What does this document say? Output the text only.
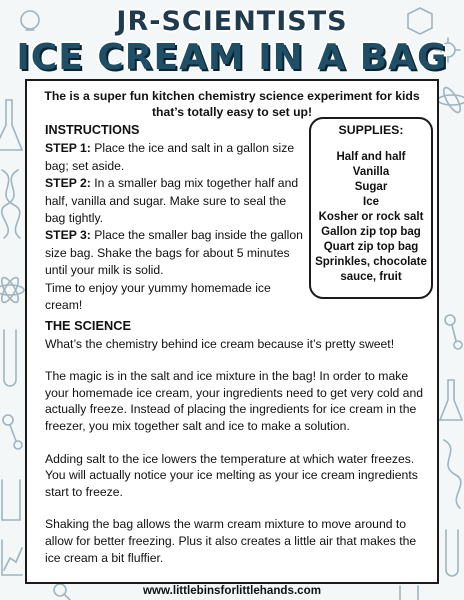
JR-SCIENTISTS
ICE CREAM IN A BAG
The is a super fun kitchen chemistry science experiment for kids
that’s totally easy to set up!
INSTRUCTIONS
STEP 1: Place the ice and salt in a gallon size bag; set aside.
STEP 2: In a smaller bag mix together half and half, vanilla and sugar. Make sure to seal the bag tightly.
STEP 3: Place the smaller bag inside the gallon size bag. Shake the bags for about 5 minutes until your milk is solid.
Time to enjoy your yummy homemade ice cream!
SUPPLIES:
Half and half
Vanilla
Sugar
Ice
Kosher or rock salt
Gallon zip top bag
Quart zip top bag
Sprinkles, chocolate sauce, fruit
THE SCIENCE

What’s the chemistry behind ice cream because it’s pretty sweet!

The magic is in the salt and ice mixture in the bag! In order to make your homemade ice cream, your ingredients need to get very cold and actually freeze. Instead of placing the ingredients for ice cream in the freezer, you mix together salt and ice to make a solution.

Adding salt to the ice lowers the temperature at which water freezes. You will actually notice your ice melting as your ice cream ingredients start to freeze.

Shaking the bag allows the warm cream mixture to move around to allow for better freezing. Plus it also creates a little air that makes the ice cream a bit fluffier.

www.littlebinsforlittlehands.com
